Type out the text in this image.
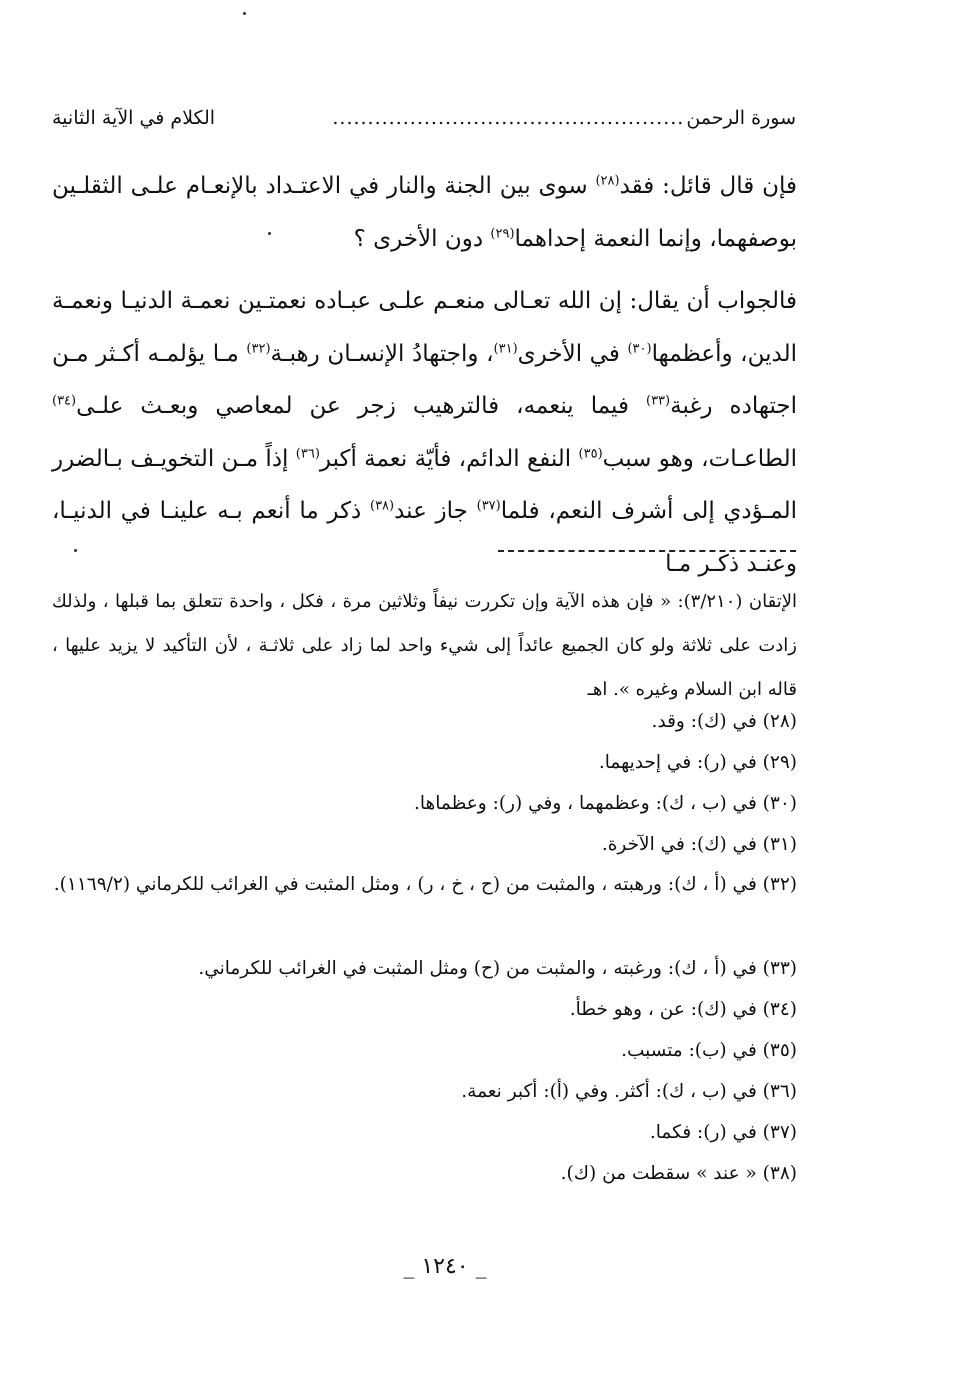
سورة الرحمن
..................................................
الكلام في الآية الثانية

فإن قال قائل: فقد$^{(٢٨)}$ سوى بين الجنة والنار في الاعتـداد بالإنعـام علـى الثقلـين بوصفهما، وإنما النعمة إحداهما$^{(٢٩)}$ دون الأخرى ؟

فالجواب أن يقال: إن الله تعـالى منعـم علـى عبـاده نعمتـين نعمـة الدنيـا ونعمـة الدين، وأعظمها$^{(٣٠)}$ في الأخرى$^{(٣١)}$، واجتهادُ الإنسـان رهبـة$^{(٣٢)}$ مـا يؤلمـه أكـثر مـن اجتهاده رغبة$^{(٣٣)}$ فيما ينعمه، فالترهيب زجر عن لمعاصي وبعـث علـى$^{(٣٤)}$ الطاعـات، وهو سبب$^{(٣٥)}$ النفع الدائم، فأيّة نعمة أكبر$^{(٣٦)}$ إذاً مـن التخويـف بـالضرر المـؤدي إلى أشرف النعم، فلما$^{(٣٧)}$ جاز عند$^{(٣٨)}$ ذكر ما أنعم بـه علينـا في الدنيـا، وعنـد ذكـر مـا

الإتقان (٣/٢١٠): « فإن هذه الآية وإن تكررت نيفاً وثلاثين مرة ، فكل ، واحدة تتعلق بما قبلها ، ولذلك زادت على ثلاثة ولو كان الجميع عائداً إلى شيء واحد لما زاد على ثلاثـة ، لأن التأكيد لا يزيد عليها ، قاله ابن السلام وغيره ». اهـ

(٢٨) في (ك): وقد.
(٢٩) في (ر): في إحديهما.
(٣٠) في (ب ، ك): وعظمهما ، وفي (ر): وعظماها.
(٣١) في (ك): في الآخرة.
(٣٢) في (أ ، ك): ورهبته ، والمثبت من (ح ، خ ، ر) ، ومثل المثبت في الغرائب للكرماني (١١٦٩/٢).
(٣٣) في (أ ، ك): ورغبته ، والمثبت من (ح) ومثل المثبت في الغرائب للكرماني.
(٣٤) في (ك): عن ، وهو خطأ.
(٣٥) في (ب): متسبب.
(٣٦) في (ب ، ك): أكثر. وفي (أ): أكبر نعمة.
(٣٧) في (ر): فكما.
(٣٨) « عند » سقطت من (ك).
_ ١٢٤٠ _
